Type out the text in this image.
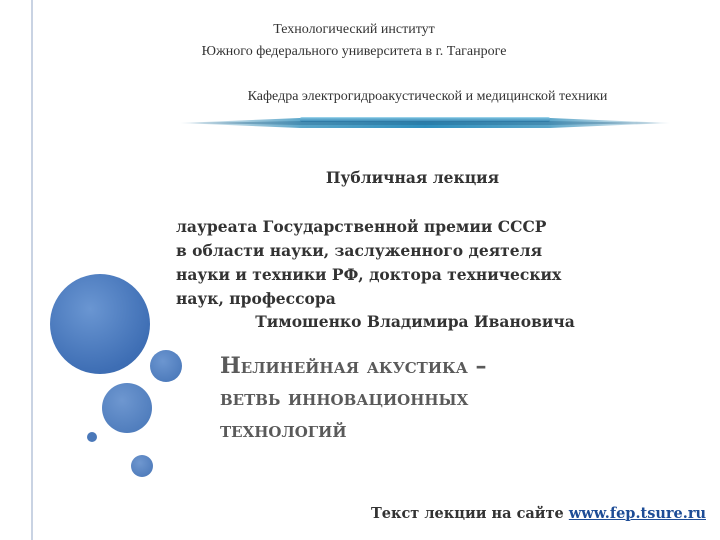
Технологический институт
Южного федерального университета в г. Таганроге
Кафедра электрогидроакустической и медицинской техники
Публичная лекция
лауреата Государственной премии СССР
в области науки, заслуженного деятеля
науки и техники РФ, доктора технических
наук, профессора
Тимошенко Владимира Ивановича
Нелинейная акустика –
ветвь инновационных
технологий
Текст лекции на сайте www.fep.tsure.ru
